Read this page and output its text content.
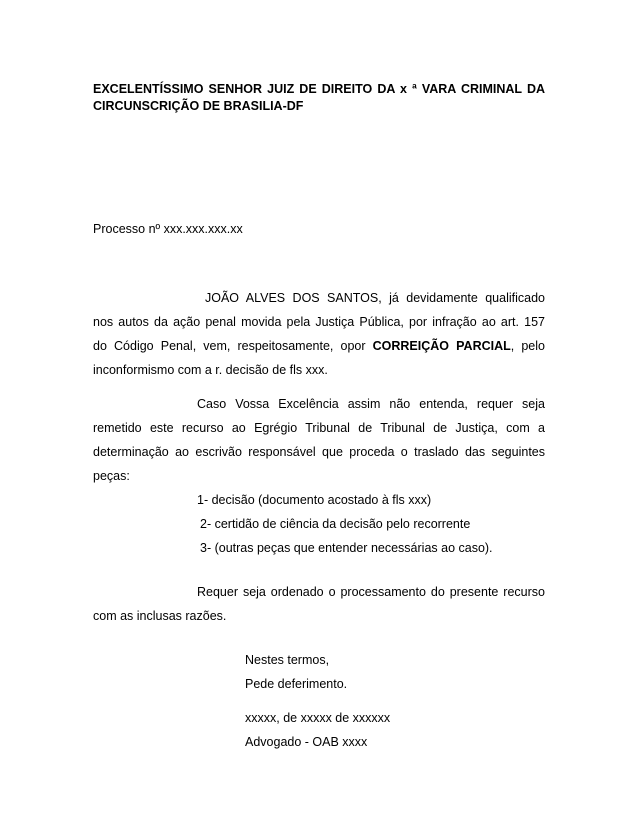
EXCELENTÍSSIMO SENHOR JUIZ DE DIREITO DA x ª VARA CRIMINAL DA
CIRCUNSCRIÇÃO DE BRASILIA-DF
Processo nº xxx.xxx.xxx.xx
JOÃO ALVES DOS SANTOS, já devidamente qualificado
nos autos da ação penal movida pela Justiça Pública, por infração ao art. 157
do Código Penal, vem, respeitosamente, opor CORREIÇÃO PARCIAL, pelo
inconformismo com a r. decisão de fls xxx.
Caso Vossa Excelência assim não entenda, requer seja
remetido este recurso ao Egrégio Tribunal de Tribunal de Justiça, com a
determinação ao escrivão responsável que proceda o traslado das seguintes
peças:
1- decisão (documento acostado à fls xxx)
2- certidão de ciência da decisão pelo recorrente
3- (outras peças que entender necessárias ao caso).
Requer seja ordenado o processamento do presente recurso
com as inclusas razões.
Nestes termos,
Pede deferimento.
xxxxx, de xxxxx de xxxxxx
Advogado - OAB xxxx
